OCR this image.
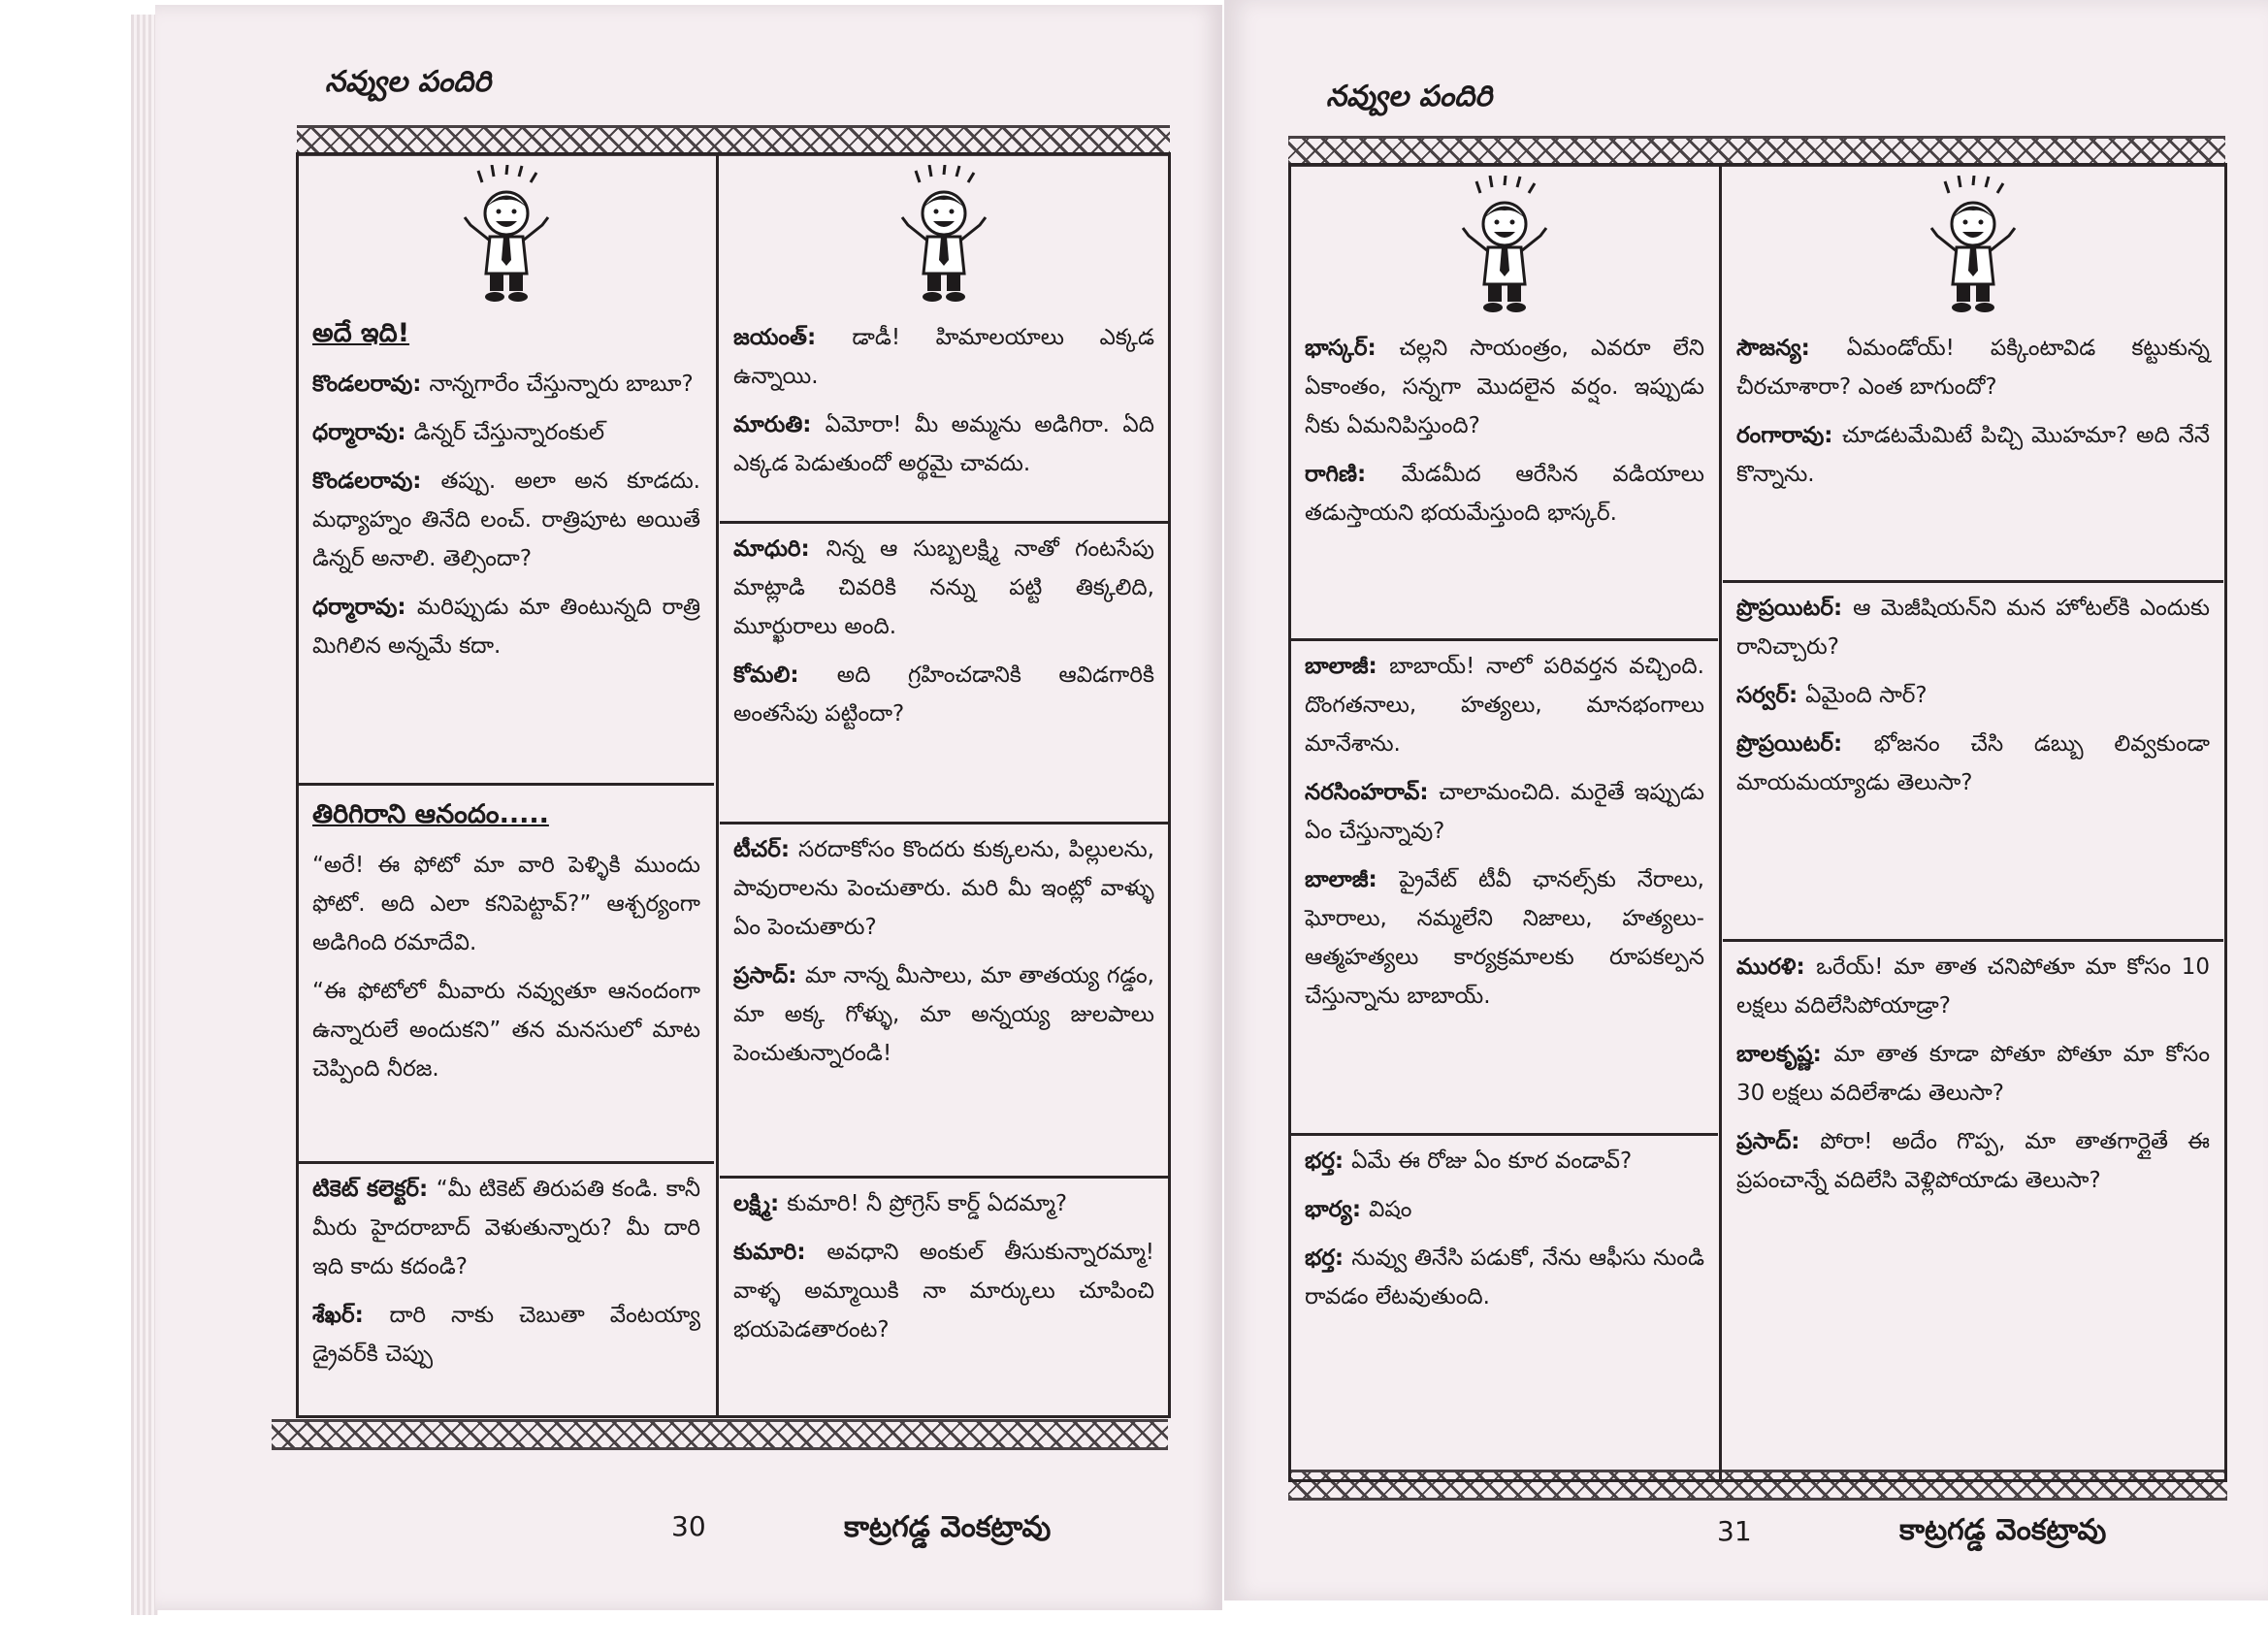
నవ్వుల పందిరి
30	కాట్రగడ్డ వెంకట్రావు
అదే ఇది!

కొండలరావు: నాన్నగారేం చేస్తున్నారు బాబూ?

ధర్మారావు: డిన్నర్ చేస్తున్నారంకుల్

కొండలరావు: తప్పు. అలా అన కూడదు. మధ్యాహ్నం తినేది లంచ్. రాత్రిపూట అయితే డిన్నర్ అనాలి. తెల్సిందా?

ధర్మారావు: మరిప్పుడు మా తింటున్నది రాత్రి మిగిలిన అన్నమే కదా.

తిరిగిరాని ఆనందం.....

“అరే! ఈ ఫోటో మా వారి పెళ్ళికి ముందు ఫోటో. అది ఎలా కనిపెట్టావ్?” ఆశ్చర్యంగా అడిగింది రమాదేవి.

“ఈ ఫోటోలో మీవారు నవ్వుతూ ఆనందంగా ఉన్నారులే అందుకని” తన మనసులో మాట చెప్పింది నీరజ.

టికెట్ కలెక్టర్: “మీ టికెట్ తిరుపతి కండి. కానీ మీరు హైదరాబాద్ వెళుతున్నారు? మీ దారి ఇది కాదు కదండి?

శేఖర్: దారి నాకు చెబుతా వేంటయ్యా డ్రైవర్‌కి చెప్పు

జయంత్: డాడీ! హిమాలయాలు ఎక్కడ ఉన్నాయి.

మారుతి: ఏమోరా! మీ అమ్మను అడిగిరా. ఏది ఎక్కడ పెడుతుందో అర్థమై చావదు.

మాధురి: నిన్న ఆ సుబ్బలక్ష్మి నాతో గంటసేపు మాట్లాడి చివరికి నన్ను పట్టి తిక్కలిది, మూర్ఖురాలు అంది.

కోమలి: అది గ్రహించడానికి ఆవిడగారికి అంతసేపు పట్టిందా?

టీచర్: సరదాకోసం కొందరు కుక్కలను, పిల్లులను, పావురాలను పెంచుతారు. మరి మీ ఇంట్లో వాళ్ళు ఏం పెంచుతారు?

ప్రసాద్: మా నాన్న మీసాలు, మా తాతయ్య గడ్డం, మా అక్క గోళ్ళు, మా అన్నయ్య జులపాలు పెంచుతున్నారండి!

లక్ష్మి: కుమారి! నీ ప్రోగ్రెస్ కార్డ్ ఏదమ్మా?

కుమారి: అవధాని అంకుల్ తీసుకున్నారమ్మా! వాళ్ళ అమ్మాయికి నా మార్కులు చూపించి భయపెడతారంట?

నవ్వుల పందిరి
31	కాట్రగడ్డ వెంకట్రావు

భాస్కర్: చల్లని సాయంత్రం, ఎవరూ లేని ఏకాంతం, సన్నగా మొదలైన వర్షం. ఇప్పుడు నీకు ఏమనిపిస్తుంది?

రాగిణి: మేడమీద ఆరేసిన వడియాలు తడుస్తాయని భయమేస్తుంది భాస్కర్.

బాలాజీ: బాబాయ్! నాలో పరివర్తన వచ్చింది. దొంగతనాలు, హత్యలు, మానభంగాలు మానేశాను.

నరసింహరావ్: చాలామంచిది. మరైతే ఇప్పుడు ఏం చేస్తున్నావు?

బాలాజీ: ప్రైవేట్ టీవీ ఛానల్స్‌కు నేరాలు, ఘోరాలు, నమ్మలేని నిజాలు, హత్యలు- ఆత్మహత్యలు కార్యక్రమాలకు రూపకల్పన చేస్తున్నాను బాబాయ్.

భర్త: ఏమే ఈ రోజు ఏం కూర వండావ్?

భార్య: విషం

భర్త: నువ్వు తినేసి పడుకో, నేను ఆఫీసు నుండి రావడం లేటవుతుంది.

సౌజన్య: ఏమండోయ్! పక్కింటావిడ కట్టుకున్న చీరచూశారా? ఎంత బాగుందో?

రంగారావు: చూడటమేమిటే పిచ్చి మొహమా? అది నేనే కొన్నాను.

ప్రొప్రయిటర్: ఆ మెజీషియన్‌ని మన హోటల్‌కి ఎందుకు రానిచ్చారు?

సర్వర్: ఏమైంది సార్?

ప్రొప్రయిటర్: భోజనం చేసి డబ్బు లివ్వకుండా మాయమయ్యాడు తెలుసా?

మురళి: ఒరేయ్! మా తాత చనిపోతూ మా కోసం 10 లక్షలు వదిలేసిపోయాడ్రా?

బాలకృష్ణ: మా తాత కూడా పోతూ పోతూ మా కోసం 30 లక్షలు వదిలేశాడు తెలుసా?

ప్రసాద్: పోరా! అదేం గొప్ప, మా తాతగార్లైతే ఈ ప్రపంచాన్నే వదిలేసి వెళ్లిపోయాడు తెలుసా?
